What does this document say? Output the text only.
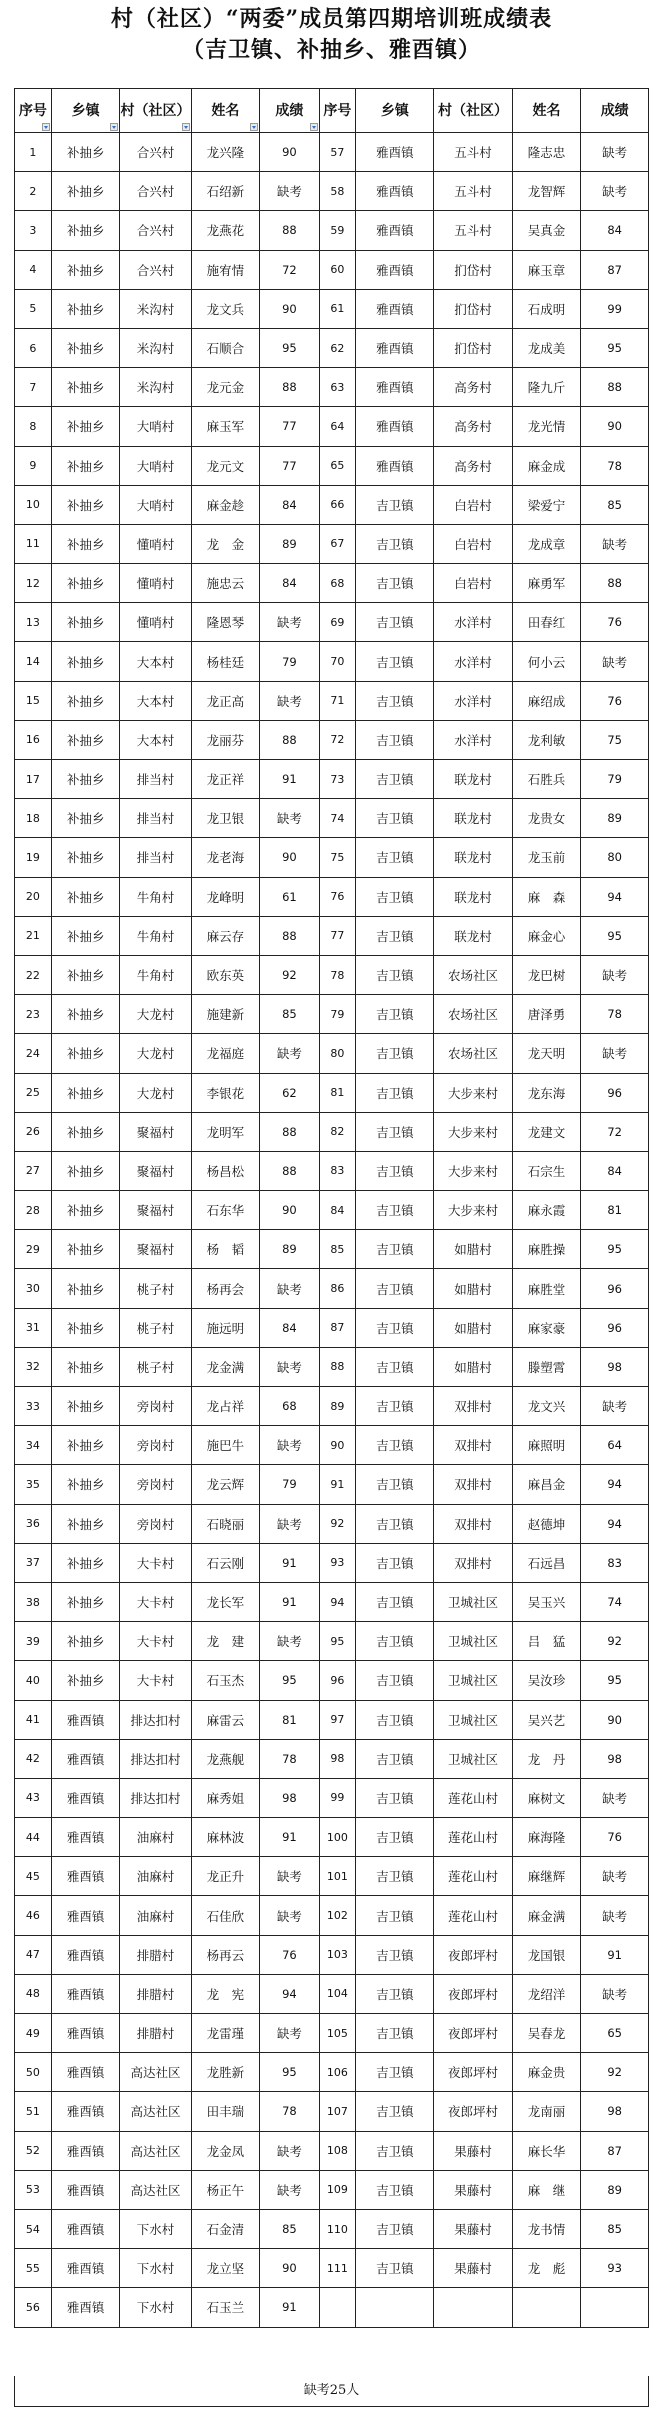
村（社区）“两委”成员第四期培训班成绩表
（吉卫镇、补抽乡、雅酉镇）
序号	乡镇	村（社区）	姓名	成绩	序号	乡镇	村（社区）	姓名	成绩
1	补抽乡	合兴村	龙兴隆	90	57	雅酉镇	五斗村	隆志忠	缺考
2	补抽乡	合兴村	石绍新	缺考	58	雅酉镇	五斗村	龙智辉	缺考
3	补抽乡	合兴村	龙燕花	88	59	雅酉镇	五斗村	吴真金	84
4	补抽乡	合兴村	施宥情	72	60	雅酉镇	扪岱村	麻玉章	87
5	补抽乡	米沟村	龙文兵	90	61	雅酉镇	扪岱村	石成明	99
6	补抽乡	米沟村	石顺合	95	62	雅酉镇	扪岱村	龙成美	95
7	补抽乡	米沟村	龙元金	88	63	雅酉镇	高务村	隆九斤	88
8	补抽乡	大哨村	麻玉军	77	64	雅酉镇	高务村	龙光情	90
9	补抽乡	大哨村	龙元文	77	65	雅酉镇	高务村	麻金成	78
10	补抽乡	大哨村	麻金趁	84	66	吉卫镇	白岩村	梁爱宁	85
11	补抽乡	懂哨村	龙　金	89	67	吉卫镇	白岩村	龙成章	缺考
12	补抽乡	懂哨村	施忠云	84	68	吉卫镇	白岩村	麻勇军	88
13	补抽乡	懂哨村	隆恩琴	缺考	69	吉卫镇	水洋村	田春红	76
14	补抽乡	大本村	杨桂廷	79	70	吉卫镇	水洋村	何小云	缺考
15	补抽乡	大本村	龙正高	缺考	71	吉卫镇	水洋村	麻绍成	76
16	补抽乡	大本村	龙丽芬	88	72	吉卫镇	水洋村	龙利敏	75
17	补抽乡	排当村	龙正祥	91	73	吉卫镇	联龙村	石胜兵	79
18	补抽乡	排当村	龙卫银	缺考	74	吉卫镇	联龙村	龙贵女	89
19	补抽乡	排当村	龙老海	90	75	吉卫镇	联龙村	龙玉前	80
20	补抽乡	牛角村	龙峰明	61	76	吉卫镇	联龙村	麻　森	94
21	补抽乡	牛角村	麻云存	88	77	吉卫镇	联龙村	麻金心	95
22	补抽乡	牛角村	欧东英	92	78	吉卫镇	农场社区	龙巴树	缺考
23	补抽乡	大龙村	施建新	85	79	吉卫镇	农场社区	唐泽勇	78
24	补抽乡	大龙村	龙福庭	缺考	80	吉卫镇	农场社区	龙天明	缺考
25	补抽乡	大龙村	李银花	62	81	吉卫镇	大步来村	龙东海	96
26	补抽乡	聚福村	龙明军	88	82	吉卫镇	大步来村	龙建文	72
27	补抽乡	聚福村	杨昌松	88	83	吉卫镇	大步来村	石宗生	84
28	补抽乡	聚福村	石东华	90	84	吉卫镇	大步来村	麻永霞	81
29	补抽乡	聚福村	杨　韬	89	85	吉卫镇	如腊村	麻胜操	95
30	补抽乡	桃子村	杨再会	缺考	86	吉卫镇	如腊村	麻胜堂	96
31	补抽乡	桃子村	施远明	84	87	吉卫镇	如腊村	麻家豪	96
32	补抽乡	桃子村	龙金满	缺考	88	吉卫镇	如腊村	滕塑霄	98
33	补抽乡	旁岗村	龙占祥	68	89	吉卫镇	双排村	龙文兴	缺考
34	补抽乡	旁岗村	施巴牛	缺考	90	吉卫镇	双排村	麻照明	64
35	补抽乡	旁岗村	龙云辉	79	91	吉卫镇	双排村	麻昌金	94
36	补抽乡	旁岗村	石晓丽	缺考	92	吉卫镇	双排村	赵德坤	94
37	补抽乡	大卡村	石云刚	91	93	吉卫镇	双排村	石远昌	83
38	补抽乡	大卡村	龙长军	91	94	吉卫镇	卫城社区	吴玉兴	74
39	补抽乡	大卡村	龙　建	缺考	95	吉卫镇	卫城社区	吕　猛	92
40	补抽乡	大卡村	石玉杰	95	96	吉卫镇	卫城社区	吴汝珍	95
41	雅酉镇	排达扣村	麻雷云	81	97	吉卫镇	卫城社区	吴兴艺	90
42	雅酉镇	排达扣村	龙燕舰	78	98	吉卫镇	卫城社区	龙　丹	98
43	雅酉镇	排达扣村	麻秀姐	98	99	吉卫镇	莲花山村	麻树文	缺考
44	雅酉镇	油麻村	麻林波	91	100	吉卫镇	莲花山村	麻海隆	76
45	雅酉镇	油麻村	龙正升	缺考	101	吉卫镇	莲花山村	麻继辉	缺考
46	雅酉镇	油麻村	石佳欣	缺考	102	吉卫镇	莲花山村	麻金满	缺考
47	雅酉镇	排腊村	杨再云	76	103	吉卫镇	夜郎坪村	龙国银	91
48	雅酉镇	排腊村	龙　宪	94	104	吉卫镇	夜郎坪村	龙绍洋	缺考
49	雅酉镇	排腊村	龙雷瑾	缺考	105	吉卫镇	夜郎坪村	吴春龙	65
50	雅酉镇	高达社区	龙胜新	95	106	吉卫镇	夜郎坪村	麻金贵	92
51	雅酉镇	高达社区	田丰瑞	78	107	吉卫镇	夜郎坪村	龙南丽	98
52	雅酉镇	高达社区	龙金凤	缺考	108	吉卫镇	果藤村	麻长华	87
53	雅酉镇	高达社区	杨正午	缺考	109	吉卫镇	果藤村	麻　继	89
54	雅酉镇	下水村	石金清	85	110	吉卫镇	果藤村	龙书情	85
55	雅酉镇	下水村	龙立坚	90	111	吉卫镇	果藤村	龙　彪	93
56	雅酉镇	下水村	石玉兰	91					
缺考25人
